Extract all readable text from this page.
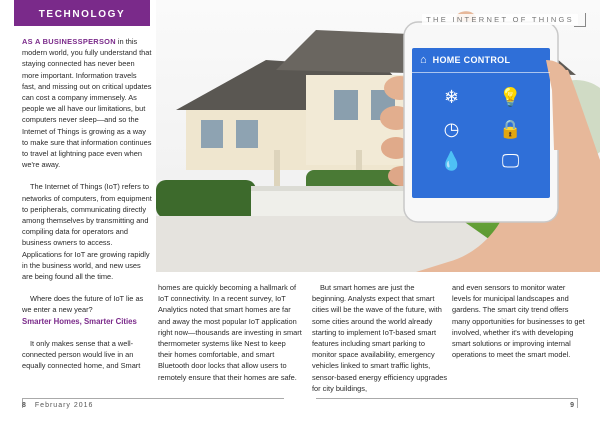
TECHNOLOGY
⌂ HOME CONTROL
❄	💡
◷	🔒
💧	🖵
THE INTERNET OF THINGS

AS A BUSINESSPERSON in this modern world, you fully understand that staying connected has never been more important. Information travels fast, and missing out on critical updates can cost a company immensely. As people we all have our limitations, but computers never sleep—and so the Internet of Things is growing as a way to make sure that information continues to travel at lightning pace even when we're away.

The Internet of Things (IoT) refers to networks of computers, from equipment to peripherals, communicating directly among themselves by transmitting and compiling data for operators and business owners to access. Applications for IoT are growing rapidly in the business world, and new uses are being found all the time.

Where does the future of IoT lie as we enter a new year?

Smarter Homes, Smarter Cities

It only makes sense that a well-connected person would live in an equally connected home, and Smart

homes are quickly becoming a hallmark of IoT connectivity. In a recent survey, IoT Analytics noted that smart homes are far and away the most popular IoT application right now—thousands are investing in smart thermometer systems like Nest to keep their homes comfortable, and smart Bluetooth door locks that allow users to remotely ensure that their homes are safe.

But smart homes are just the beginning. Analysts expect that smart cities will be the wave of the future, with some cities around the world already starting to implement IoT-based smart features including smart parking to monitor space availability, emergency vehicles linked to smart traffic lights, sensor-based energy efficiency upgrades for city buildings,

and even sensors to monitor water levels for municipal landscapes and gardens. The smart city trend offers many opportunities for businesses to get involved, whether it's with developing smart solutions or improving internal operations to meet the smart model.

8 February 2016	9
